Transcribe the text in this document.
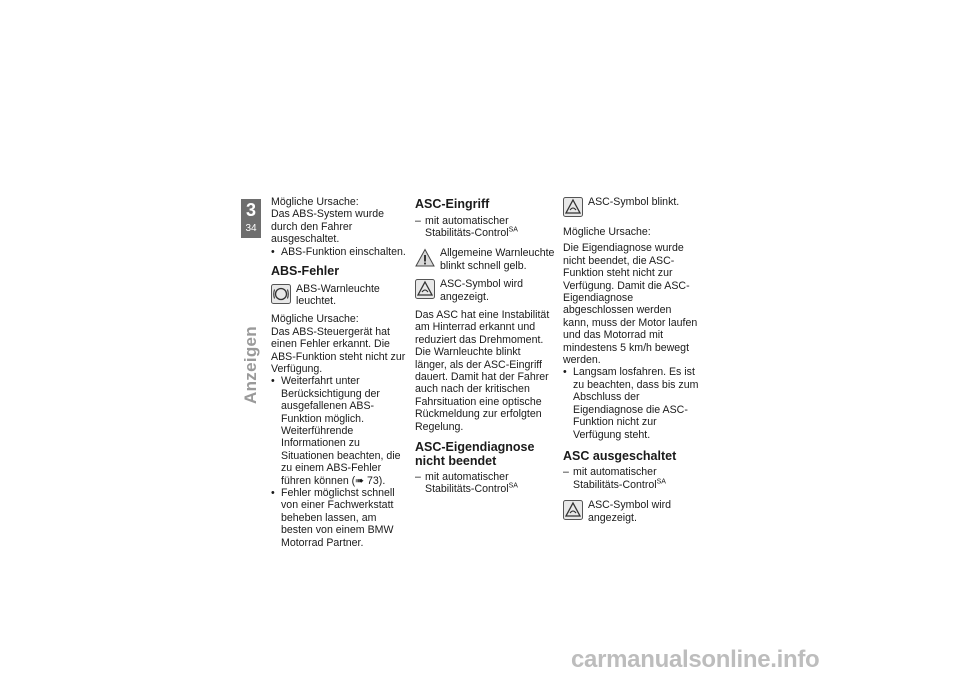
3
34
Anzeigen

Mögliche Ursache:

Das ABS-System wurde durch den Fahrer ausgeschaltet.

• ABS-Funktion einschalten.

ABS-Fehler
ABS-Warnleuchte leuchtet.

Mögliche Ursache:

Das ABS-Steuergerät hat einen Fehler erkannt. Die ABS-Funktion steht nicht zur Verfügung.

• Weiterfahrt unter Berücksichtigung der ausgefallenen ABS-Funktion möglich. Weiterführende Informationen zu Situationen beachten, die zu einem ABS-Fehler führen können (➠ 73).

• Fehler möglichst schnell von einer Fachwerkstatt beheben lassen, am besten von einem BMW Motorrad Partner.

ASC-Eingriff

– mit automatischer Stabilitäts-Control$^{SA}$

Allgemeine Warnleuchte blinkt schnell gelb.
ASC-Symbol wird angezeigt.

Das ASC hat eine Instabilität am Hinterrad erkannt und reduziert das Drehmoment. Die Warnleuchte blinkt länger, als der ASC-Eingriff dauert. Damit hat der Fahrer auch nach der kritischen Fahrsituation eine optische Rückmeldung zur erfolgten Regelung.

ASC-Eigendiagnose nicht beendet

– mit automatischer Stabilitäts-Control$^{SA}$

ASC-Symbol blinkt.

Mögliche Ursache:

Die Eigendiagnose wurde nicht beendet, die ASC-Funktion steht nicht zur Verfügung. Damit die ASC-Eigendiagnose abgeschlossen werden kann, muss der Motor laufen und das Motorrad mit mindestens 5 km/h bewegt werden.

• Langsam losfahren. Es ist zu beachten, dass bis zum Abschluss der Eigendiagnose die ASC-Funktion nicht zur Verfügung steht.

ASC ausgeschaltet

– mit automatischer Stabilitäts-Control$^{SA}$

ASC-Symbol wird angezeigt.
carmanualsonline.info
